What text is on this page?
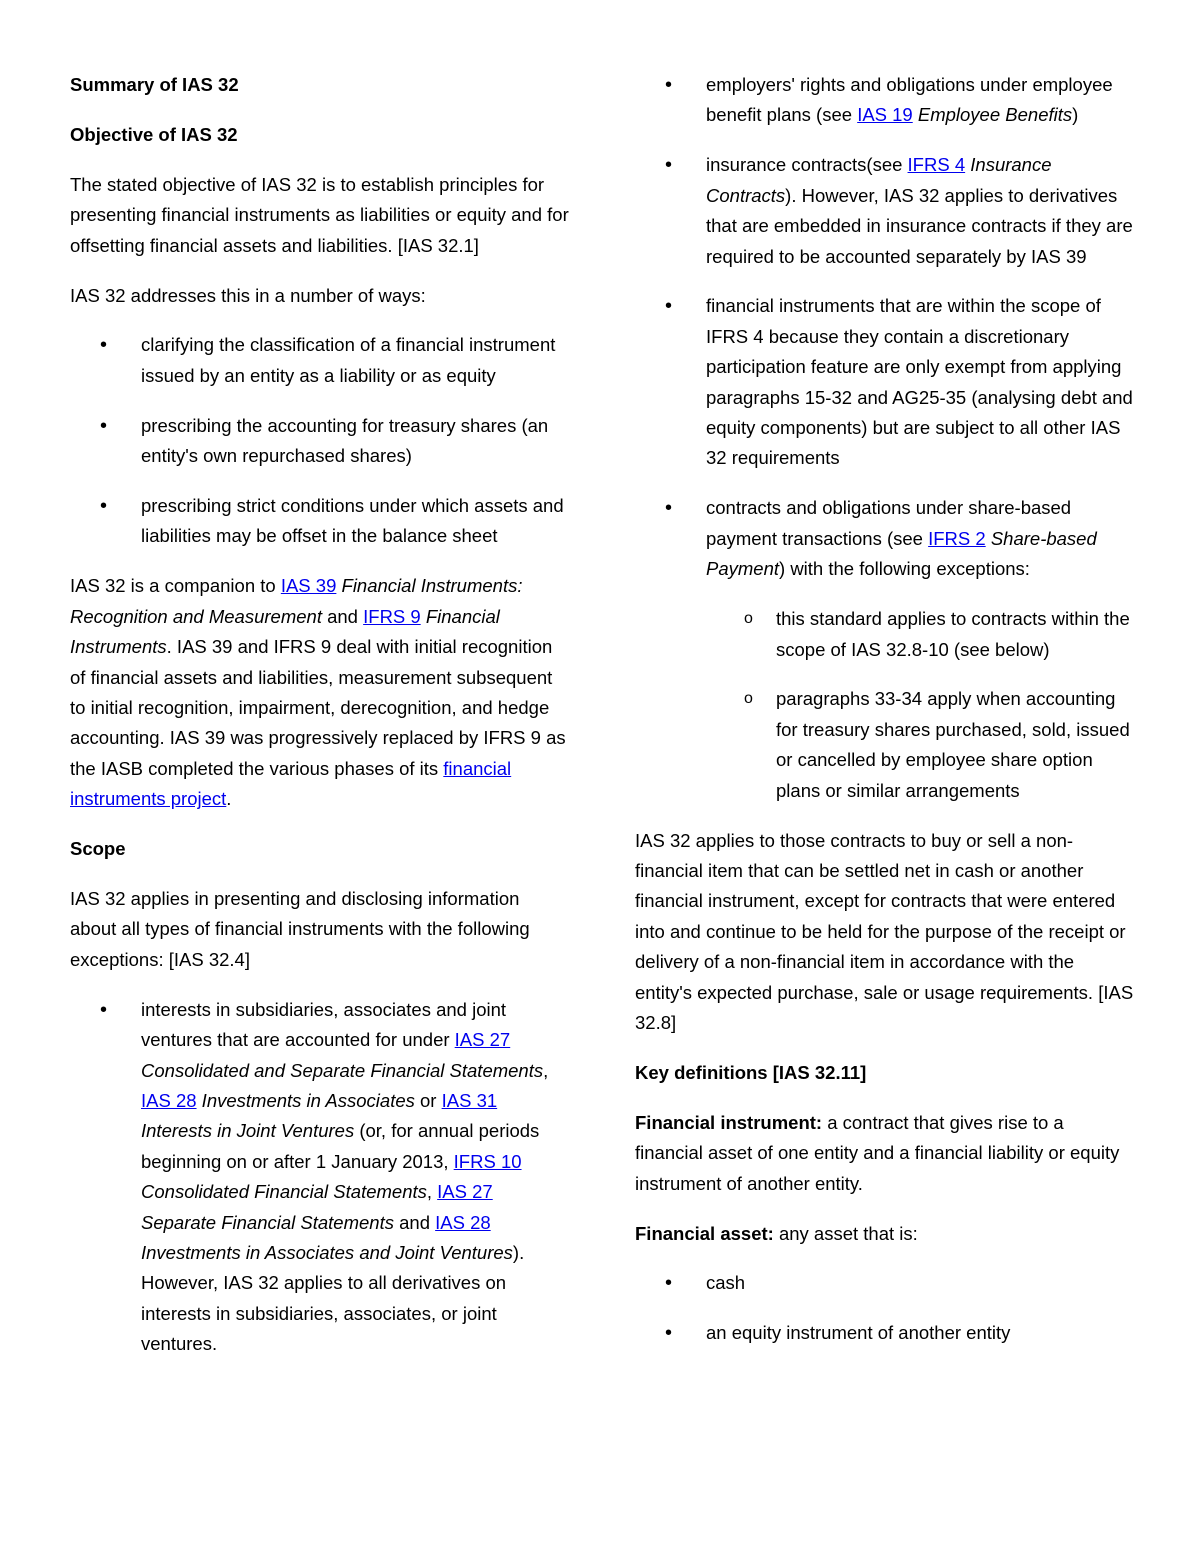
Summary of IAS 32

Objective of IAS 32

The stated objective of IAS 32 is to establish principles for presenting financial instruments as liabilities or equity and for offsetting financial assets and liabilities. [IAS 32.1]

IAS 32 addresses this in a number of ways:

• clarifying the classification of a financial instrument issued by an entity as a liability or as equity
• prescribing the accounting for treasury shares (an entity's own repurchased shares)
• prescribing strict conditions under which assets and liabilities may be offset in the balance sheet

IAS 32 is a companion to IAS 39 Financial Instruments: Recognition and Measurement and IFRS 9 Financial Instruments. IAS 39 and IFRS 9 deal with initial recognition of financial assets and liabilities, measurement subsequent to initial recognition, impairment, derecognition, and hedge accounting. IAS 39 was progressively replaced by IFRS 9 as the IASB completed the various phases of its financial instruments project.

Scope

IAS 32 applies in presenting and disclosing information about all types of financial instruments with the following exceptions: [IAS 32.4]

• interests in subsidiaries, associates and joint ventures that are accounted for under IAS 27 Consolidated and Separate Financial Statements, IAS 28 Investments in Associates or IAS 31 Interests in Joint Ventures (or, for annual periods beginning on or after 1 January 2013, IFRS 10 Consolidated Financial Statements, IAS 27 Separate Financial Statements and IAS 28 Investments in Associates and Joint Ventures). However, IAS 32 applies to all derivatives on interests in subsidiaries, associates, or joint ventures.
• employers' rights and obligations under employee benefit plans (see IAS 19 Employee Benefits)
• insurance contracts(see IFRS 4 Insurance Contracts). However, IAS 32 applies to derivatives that are embedded in insurance contracts if they are required to be accounted separately by IAS 39
• financial instruments that are within the scope of IFRS 4 because they contain a discretionary participation feature are only exempt from applying paragraphs 15-32 and AG25-35 (analysing debt and equity components) but are subject to all other IAS 32 requirements
• contracts and obligations under share-based payment transactions (see IFRS 2 Share-based Payment) with the following exceptions:
o this standard applies to contracts within the scope of IAS 32.8-10 (see below)
o paragraphs 33-34 apply when accounting for treasury shares purchased, sold, issued or cancelled by employee share option plans or similar arrangements

IAS 32 applies to those contracts to buy or sell a non-financial item that can be settled net in cash or another financial instrument, except for contracts that were entered into and continue to be held for the purpose of the receipt or delivery of a non-financial item in accordance with the entity's expected purchase, sale or usage requirements. [IAS 32.8]

Key definitions [IAS 32.11]

Financial instrument: a contract that gives rise to a financial asset of one entity and a financial liability or equity instrument of another entity.

Financial asset: any asset that is:

• cash
• an equity instrument of another entity
